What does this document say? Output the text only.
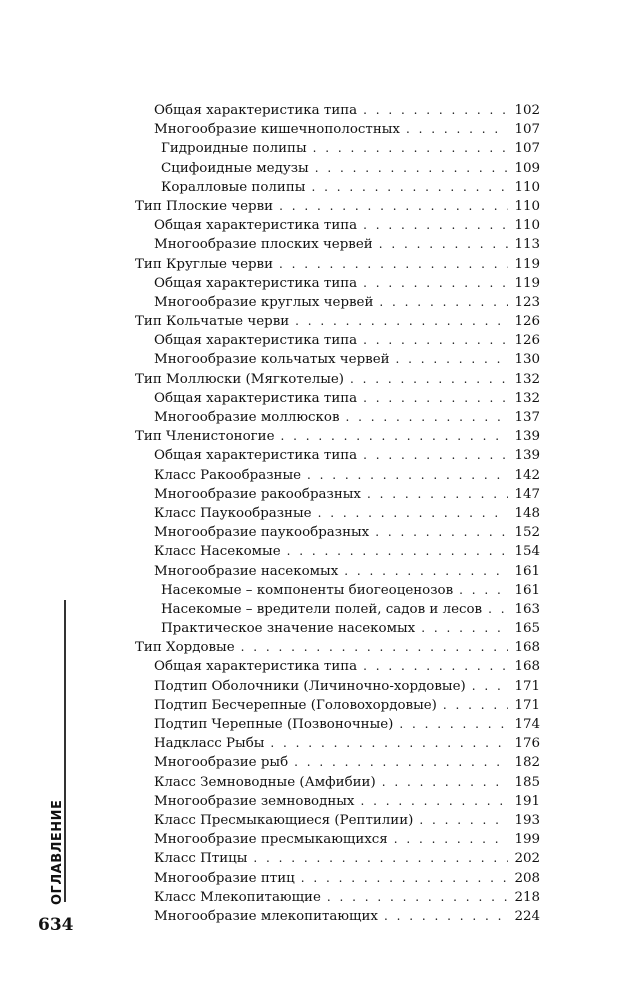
Общая характеристика типа . . .	102
Многообразие кишечнополостных . . .	107
Гидроидные полипы . . .	107
Сцифоидные медузы . . .	109
Коралловые полипы . . .	110
Тип Плоские черви . . .	110
Общая характеристика типа . . .	110
Многообразие плоских червей . . .	113
Тип Круглые черви . . .	119
Общая характеристика типа . . .	119
Многообразие круглых червей . . .	123
Тип Кольчатые черви . . .	126
Общая характеристика типа . . .	126
Многообразие кольчатых червей . . .	130
Тип Моллюски (Мягкотелые) . . .	132
Общая характеристика типа . . .	132
Многообразие моллюсков . . .	137
Тип Членистоногие . . .	139
Общая характеристика типа . . .	139
Класс Ракообразные . . .	142
Многообразие ракообразных . . .	147
Класс Паукообразные . . .	148
Многообразие паукообразных . . .	152
Класс Насекомые . . .	154
Многообразие насекомых . . .	161
Насекомые – компоненты биогеоценозов . . .	161
Насекомые – вредители полей, садов и лесов . . . 163
Практическое значение насекомых . . .	165
Тип Хордовые . . .	168
Общая характеристика типа . . .	168
Подтип Оболочники (Личиночно-хордовые) . . .	171
Подтип Бесчерепные (Головохордовые) . . .	171
Подтип Черепные (Позвоночные) . . .	174
Надкласс Рыбы . . .	176
Многообразие рыб . . .	182
Класс Земноводные (Амфибии) . . .	185
Многообразие земноводных . . .	191
Класс Пресмыкающиеся (Рептилии) . . .	193
Многообразие пресмыкающихся . . .	199
Класс Птицы . . .	202
Многообразие птиц . . .	208
Класс Млекопитающие . . .	218
Многообразие млекопитающих . . .	224
ОГЛАВЛЕНИЕ
634
